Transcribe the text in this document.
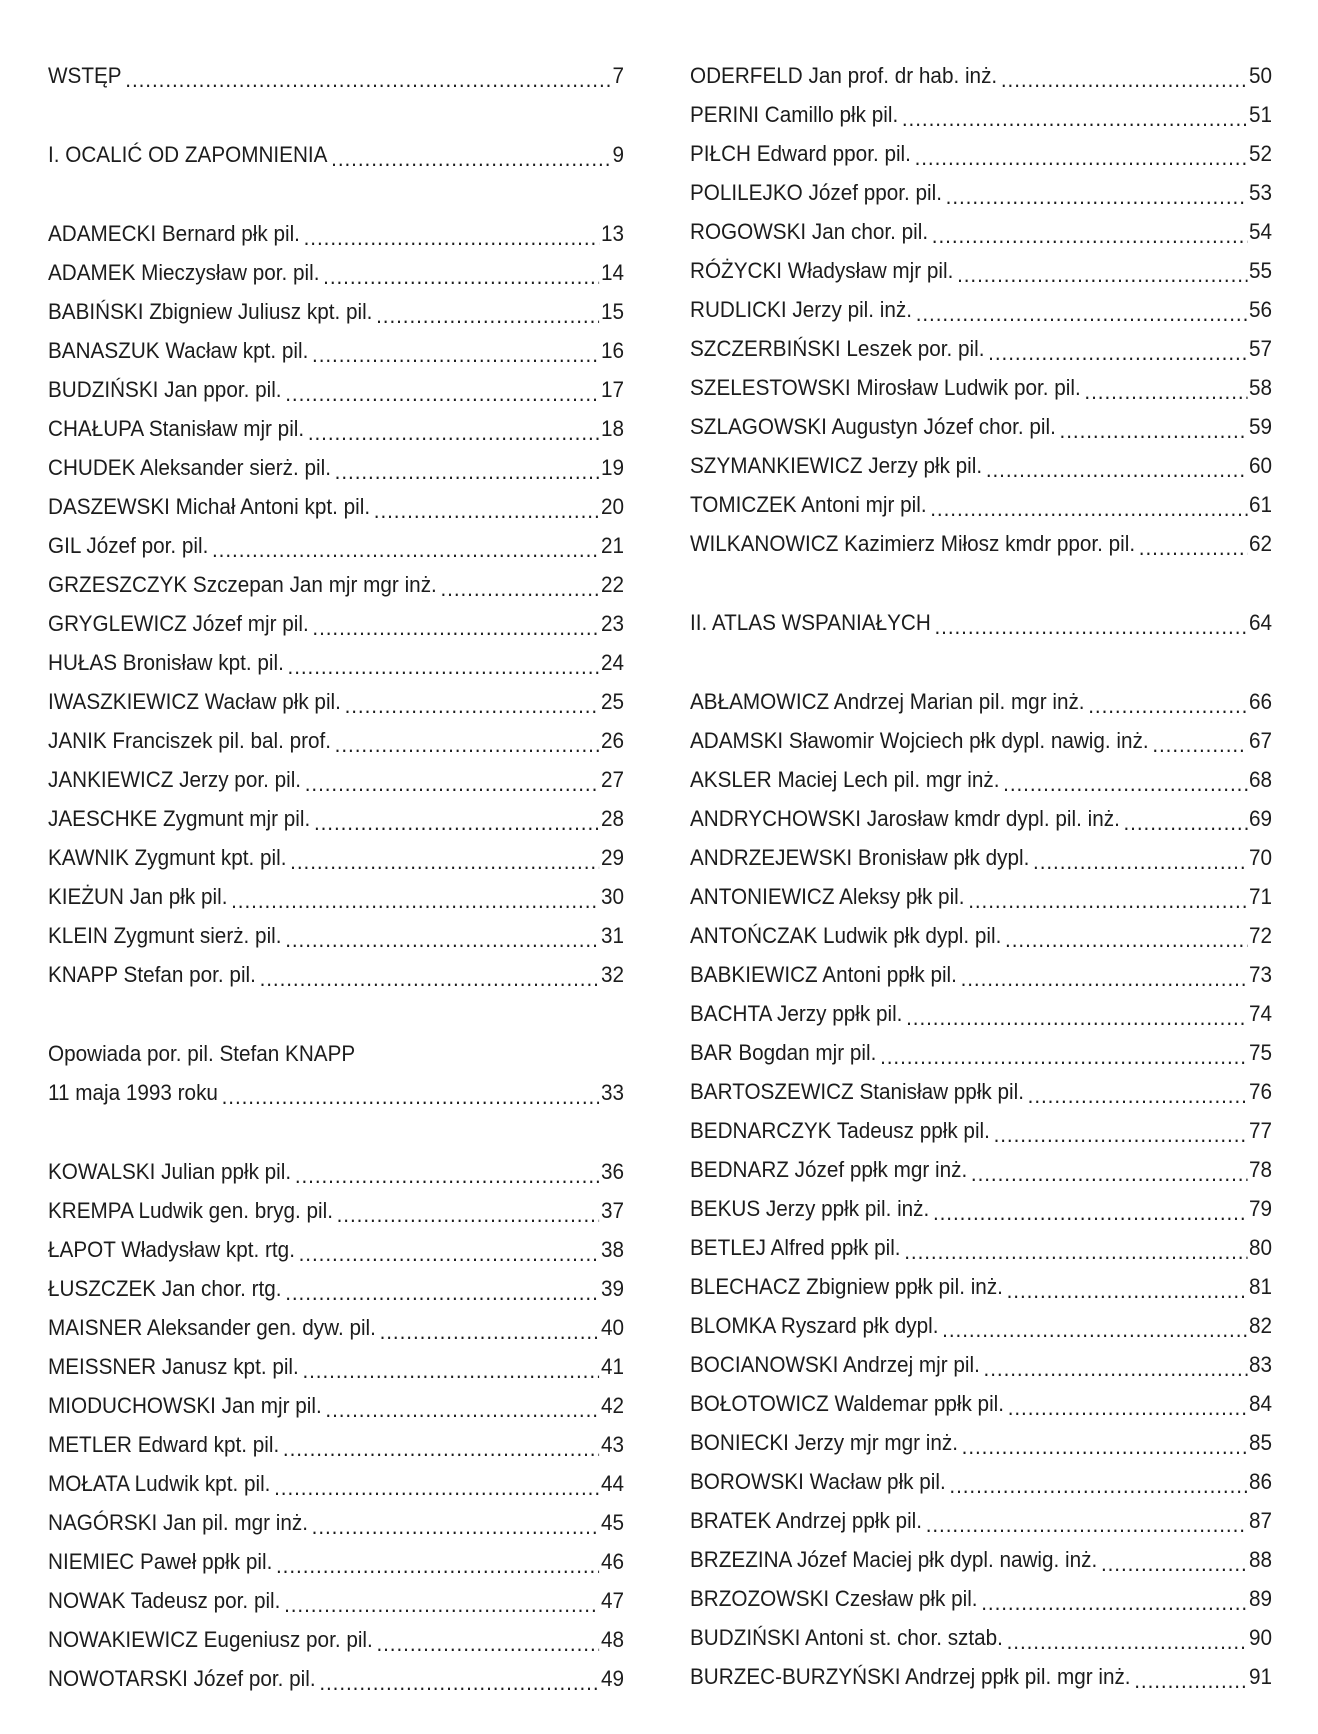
WSTĘP .....	7
I. OCALIĆ OD ZAPOMNIENIA .....	9
ADAMECKI Bernard płk pil. .....	13
ADAMEK Mieczysław por. pil. .....	14
BABIŃSKI Zbigniew Juliusz kpt. pil. .....	15
BANASZUK Wacław kpt. pil. .....	16
BUDZIŃSKI Jan ppor. pil. .....	17
CHAŁUPA Stanisław mjr pil. .....	18
CHUDEK Aleksander sierż. pil. .....	19
DASZEWSKI Michał Antoni kpt. pil. .....	20
GIL Józef por. pil. .....	21
GRZESZCZYK Szczepan Jan mjr mgr inż. .....	22
GRYGLEWICZ Józef mjr pil. .....	23
HUŁAS Bronisław kpt. pil. .....	24
IWASZKIEWICZ Wacław płk pil. .....	25
JANIK Franciszek pil. bal. prof. .....	26
JANKIEWICZ Jerzy por. pil. .....	27
JAESCHKE Zygmunt mjr pil. .....	28
KAWNIK Zygmunt kpt. pil. .....	29
KIEŻUN Jan płk pil. .....	30
KLEIN Zygmunt sierż. pil. .....	31
KNAPP Stefan por. pil. .....	32
Opowiada por. pil. Stefan KNAPP
11 maja 1993 roku .....	33
KOWALSKI Julian ppłk pil. .....	36
KREMPA Ludwik gen. bryg. pil. .....	37
ŁAPOT Władysław kpt. rtg. .....	38
ŁUSZCZEK Jan chor. rtg. .....	39
MAISNER Aleksander gen. dyw. pil. .....	40
MEISSNER Janusz kpt. pil. .....	41
MIODUCHOWSKI Jan mjr pil. .....	42
METLER Edward kpt. pil. .....	43
MOŁATA Ludwik kpt. pil. .....	44
NAGÓRSKI Jan pil. mgr inż. .....	45
NIEMIEC Paweł ppłk pil. .....	46
NOWAK Tadeusz por. pil. .....	47
NOWAKIEWICZ Eugeniusz por. pil. .....	48
NOWOTARSKI Józef por. pil. .....	49
ODERFELD Jan prof. dr hab. inż. .....	50
PERINI Camillo płk pil. .....	51
PIŁCH Edward ppor. pil. .....	52
POLILEJKO Józef ppor. pil. .....	53
ROGOWSKI Jan chor. pil. .....	54
RÓŻYCKI Władysław mjr pil. .....	55
RUDLICKI Jerzy pil. inż. .....	56
SZCZERBIŃSKI Leszek por. pil. .....	57
SZELESTOWSKI Mirosław Ludwik por. pil. .....	58
SZLAGOWSKI Augustyn Józef chor. pil. .....	59
SZYMANKIEWICZ Jerzy płk pil. .....	60
TOMICZEK Antoni mjr pil. .....	61
WILKANOWICZ Kazimierz Miłosz kmdr ppor. pil. .....	62
II. ATLAS WSPANIAŁYCH .....	64
ABŁAMOWICZ Andrzej Marian pil. mgr inż. .....	66
ADAMSKI Sławomir Wojciech płk dypl. nawig. inż. .....	67
AKSLER Maciej Lech pil. mgr inż. .....	68
ANDRYCHOWSKI Jarosław kmdr dypl. pil. inż. .....	69
ANDRZEJEWSKI Bronisław płk dypl. .....	70
ANTONIEWICZ Aleksy płk pil. .....	71
ANTOŃCZAK Ludwik płk dypl. pil. .....	72
BABKIEWICZ Antoni ppłk pil. .....	73
BACHTA Jerzy ppłk pil. .....	74
BAR Bogdan mjr pil. .....	75
BARTOSZEWICZ Stanisław ppłk pil. .....	76
BEDNARCZYK Tadeusz ppłk pil. .....	77
BEDNARZ Józef ppłk mgr inż. .....	78
BEKUS Jerzy ppłk pil. inż. .....	79
BETLEJ Alfred ppłk pil. .....	80
BLECHACZ Zbigniew ppłk pil. inż. .....	81
BLOMKA Ryszard płk dypl. .....	82
BOCIANOWSKI Andrzej mjr pil. .....	83
BOŁOTOWICZ Waldemar ppłk pil. .....	84
BONIECKI Jerzy mjr mgr inż. .....	85
BOROWSKI Wacław płk pil. .....	86
BRATEK Andrzej ppłk pil. .....	87
BRZEZINA Józef Maciej płk dypl. nawig. inż. .....	88
BRZOZOWSKI Czesław płk pil. .....	89
BUDZIŃSKI Antoni st. chor. sztab. .....	90
BURZEC-BURZYŃSKI Andrzej ppłk pil. mgr inż. .....	91
